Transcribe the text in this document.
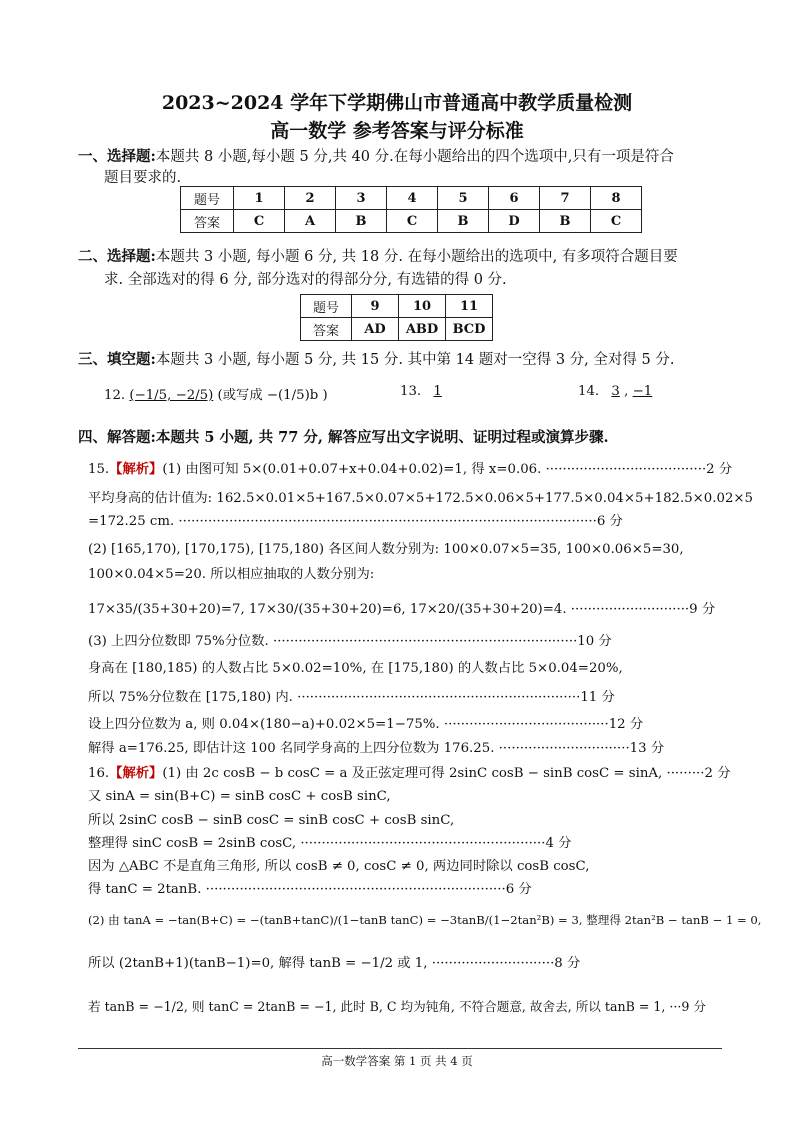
2023~2024 学年下学期佛山市普通高中教学质量检测
高一数学 参考答案与评分标准
一、选择题:本题共 8 小题,每小题 5 分,共 40 分.在每小题给出的四个选项中,只有一项是符合
题目要求的.
题号	1	2	3	4	5	6	7	8
答案	C	A	B	C	B	D	B	C
二、选择题:本题共 3 小题, 每小题 6 分, 共 18 分. 在每小题给出的选项中, 有多项符合题目要
求. 全部选对的得 6 分, 部分选对的得部分分, 有选错的得 0 分.
题号	9	10	11
答案	AD	ABD	BCD
三、填空题:本题共 3 小题, 每小题 5 分, 共 15 分. 其中第 14 题对一空得 3 分, 全对得 5 分.
12. (−1/5, −2/5) (或写成 −(1/5)b )	13. 1	14. 3 , −1
四、解答题:本题共 5 小题, 共 77 分, 解答应写出文字说明、证明过程或演算步骤.
15.【解析】(1) 由图可知 5×(0.01+0.07+x+0.04+0.02)=1, 得 x=0.06. ······································2 分
平均身高的估计值为: 162.5×0.01×5+167.5×0.07×5+172.5×0.06×5+177.5×0.04×5+182.5×0.02×5
=172.25 cm. ···································································································6 分
(2) [165,170), [170,175), [175,180) 各区间人数分别为: 100×0.07×5=35, 100×0.06×5=30,
100×0.04×5=20. 所以相应抽取的人数分别为:
17×35/(35+30+20)=7, 17×30/(35+30+20)=6, 17×20/(35+30+20)=4. ····························9 分
(3) 上四分位数即 75%分位数. ········································································10 分
身高在 [180,185) 的人数占比 5×0.02=10%, 在 [175,180) 的人数占比 5×0.04=20%,
所以 75%分位数在 [175,180) 内. ···································································11 分
设上四分位数为 a, 则 0.04×(180−a)+0.02×5=1−75%. ·······································12 分
解得 a=176.25, 即估计这 100 名同学身高的上四分位数为 176.25. ·······························13 分
16.【解析】(1) 由 2c cosB − b cosC = a 及正弦定理可得 2sinC cosB − sinB cosC = sinA, ·········2 分
又 sinA = sin(B+C) = sinB cosC + cosB sinC,
所以 2sinC cosB − sinB cosC = sinB cosC + cosB sinC,
整理得 sinC cosB = 2sinB cosC, ··························································4 分
因为 △ABC 不是直角三角形, 所以 cosB ≠ 0, cosC ≠ 0, 两边同时除以 cosB cosC,
得 tanC = 2tanB. ·······································································6 分
(2) 由 tanA = −tan(B+C) = −(tanB+tanC)/(1−tanB tanC) = −3tanB/(1−2tan²B) = 3, 整理得 2tan²B − tanB − 1 = 0,
所以 (2tanB+1)(tanB−1)=0, 解得 tanB = −1/2 或 1, ·····························8 分
若 tanB = −1/2, 则 tanC = 2tanB = −1, 此时 B, C 均为钝角, 不符合题意, 故舍去, 所以 tanB = 1, ···9 分
高一数学答案 第 1 页 共 4 页
